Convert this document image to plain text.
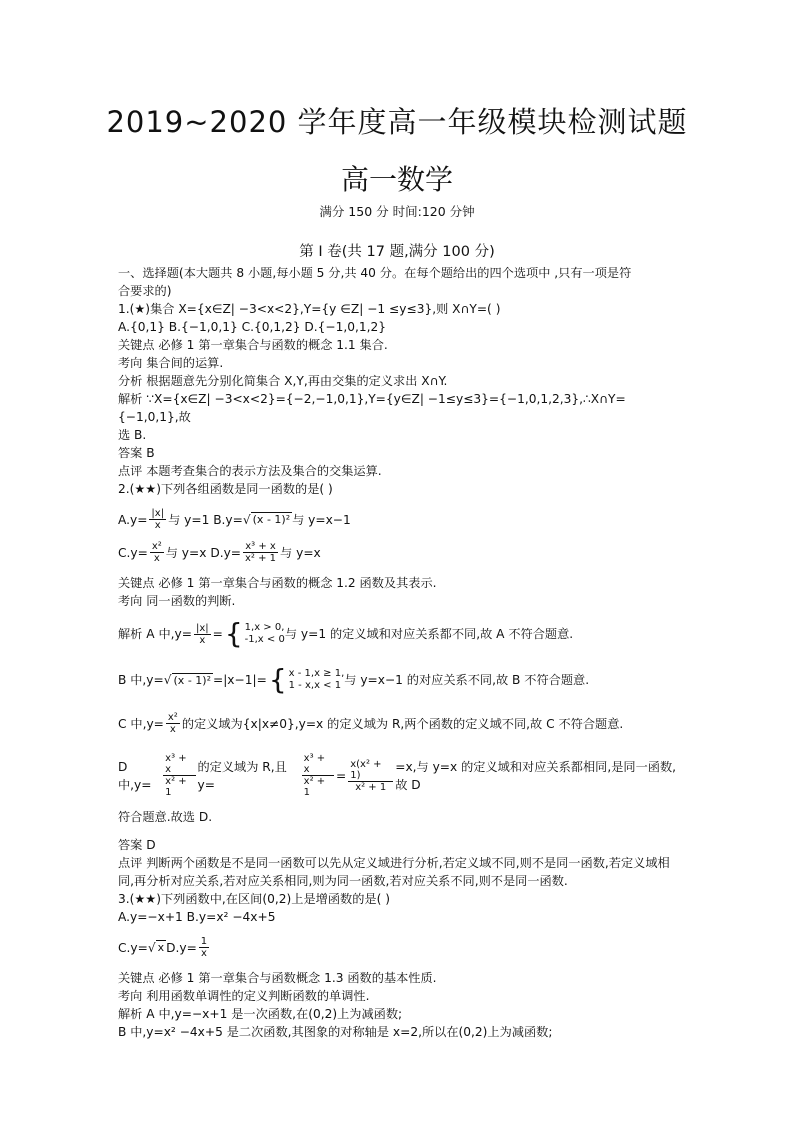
2019~2020 学年度高一年级模块检测试题
高一数学
满分 150 分 时间:120 分钟
第 I 卷(共 17 题,满分 100 分)

一、选择题(本大题共 8 小题,每小题 5 分,共 40 分。在每个题给出的四个选项中 ,只有一项是符

合要求的)

1.(★)集合 X={x∈Z| −3<x<2},Y={y ∈Z| −1 ≤y≤3},则 X∩Y=( )

A.{0,1} B.{−1,0,1} C.{0,1,2} D.{−1,0,1,2}

关键点 必修 1 第一章集合与函数的概念 1.1 集合.

考向 集合间的运算.

分析 根据题意先分别化简集合 X,Y,再由交集的定义求出 X∩Y.

解析 ∵X={x∈Z| −3<x<2}={−2,−1,0,1},Y={y∈Z| −1≤y≤3}={−1,0,1,2,3},∴X∩Y={−1,0,1},故

选 B.

答案 B

点评 本题考查集合的表示方法及集合的交集运算.

2.(★★)下列各组函数是同一函数的是( )

$A.y= \frac{|x|}{x}$ 与 y=1 B.y= √ (x - 1)² 与 y=x−1

$C.y= \frac{\text{x²}}{x}$ 与 y=x $D.y= \frac{\text{x³ + x}}{\text{x² + 1}}$ 与 y=x

关键点 必修 1 第一章集合与函数的概念 1.2 函数及其表示.

考向 同一函数的判断.

解析 A 中$,y= \frac{|x|}{x}$ = { 1,x > 0,
-1,x < 0 与 y=1 的定义域和对应关系都不同,故 A 不符合题意.

B 中,y= √ (x - 1)² =|x−1|= { x - 1,x ≥ 1,
1 - x,x < 1 与 y=x−1 的对应关系不同,故 B 不符合题意.

C 中$,y= \frac{\text{x²}}{x}$ 的定义域为{x|x≠0},y=x 的定义域为 R,两个函数的定义域不同,故 C 不符合题意.

D 中,y=	$\frac{\text{x³ + x}}{\text{x² + 1}}$ 的定义域为 R,且 y=	$\frac{\text{x³ + x}}{\text{x² + 1}} = \frac{\text{x(x² + 1)}}{\text{x² + 1}} =x$,与 y=x 的定义域和对应关系都相同,是同一函数,故 D

符合题意.故选 D.

答案 D

点评 判断两个函数是不是同一函数可以先从定义域进行分析,若定义域不同,则不是同一函数,若定义域相

同,再分析对应关系,若对应关系相同,则为同一函数,若对应关系不同,则不是同一函数.

3.(★★)下列函数中,在区间(0,2)上是增函数的是( )

A.y=−x+1 B.y=x² −4x+5

C.y= √ x $D.y= \frac{1}{x}$

关键点 必修 1 第一章集合与函数概念 1.3 函数的基本性质.

考向 利用函数单调性的定义判断函数的单调性.

解析 A 中,y=−x+1 是一次函数,在(0,2)上为减函数;

B 中,y=x² −4x+5 是二次函数,其图象的对称轴是 x=2,所以在(0,2)上为减函数;
